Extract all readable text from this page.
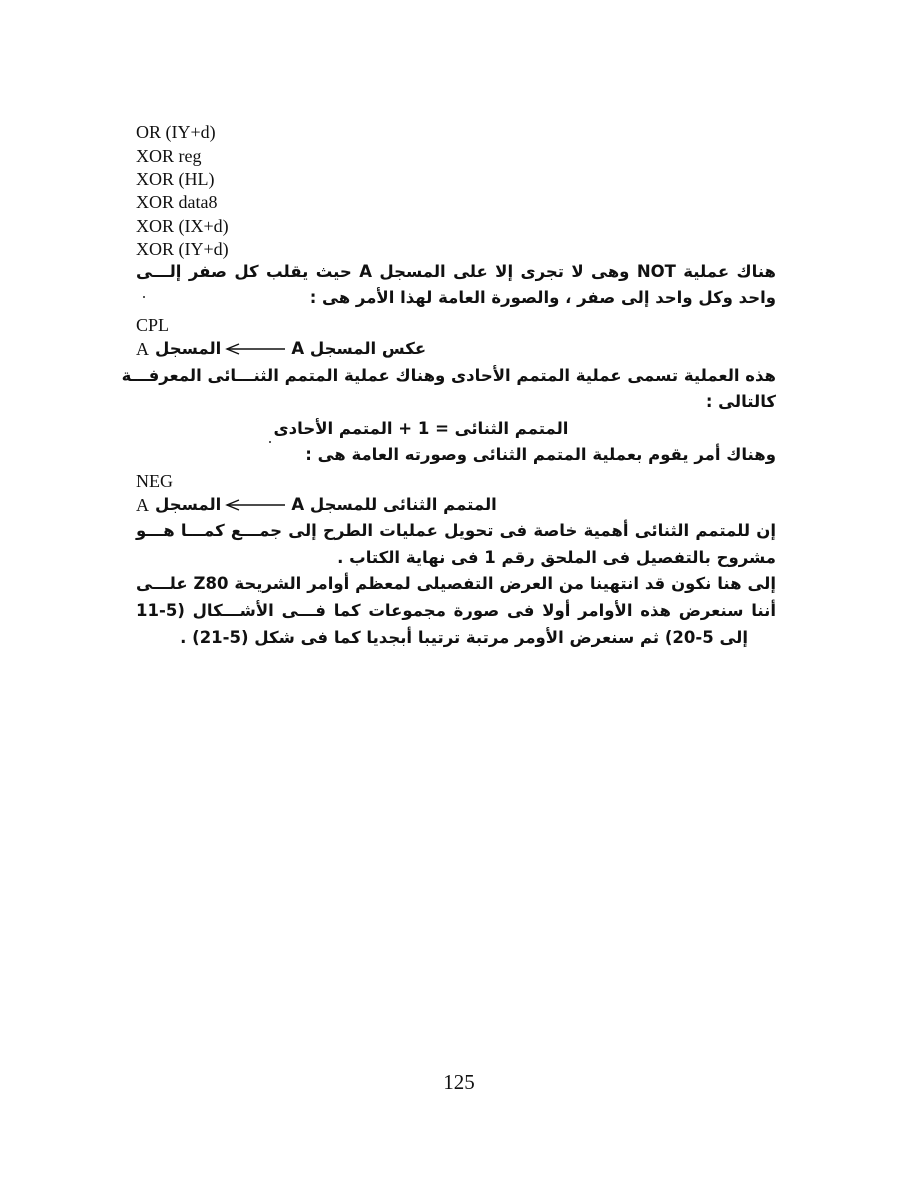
OR (IY+d)
XOR reg
XOR (HL)
XOR data8
XOR (IX+d)
XOR (IY+d)
هناك عملية NOT وهى لا تجرى إلا على المسجل A حيث يقلب كل صفر إلـــى
واحد وكل واحد إلى صفر ، والصورة العامة لهذا الأمر هى :
CPL
A المسجل	عكس المسجل A
هذه العملية تسمى عملية المتمم الأحادى وهناك عملية المتمم الثنـــائى المعرفـــة
كالتالى :
المتمم الثنائى = 1 + المتمم الأحادى
وهناك أمر يقوم بعملية المتمم الثنائى وصورته العامة هى :
NEG
A المسجل	المتمم الثنائى للمسجل A
إن للمتمم الثنائى أهمية خاصة فى تحويل عمليات الطرح إلى جمـــع كمـــا هـــو
مشروح بالتفصيل فى الملحق رقم 1 فى نهاية الكتاب .
إلى هنا نكون قد انتهينا من العرض التفصيلى لمعظم أوامر الشريحة Z80 علـــى
أننا سنعرض هذه الأوامر أولا فى صورة مجموعات كما فـــى الأشـــكال (5-11
إلى 5-20) ثم سنعرض الأومر مرتبة ترتيبا أبجديا كما فى شكل (5-21) .
125
